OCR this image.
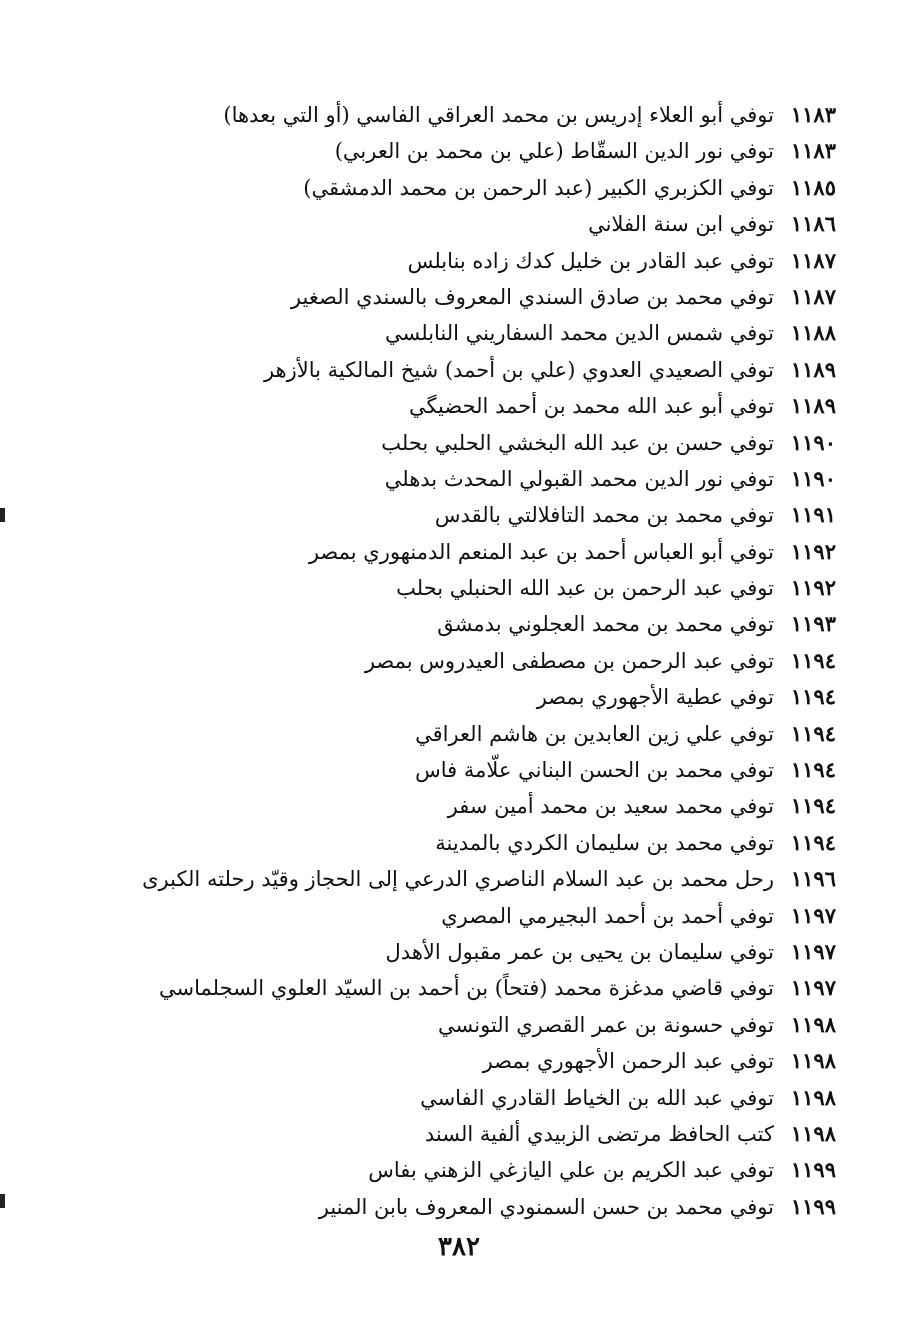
١١٨٣
توفي أبو العلاء إدريس بن محمد العراقي الفاسي (أو التي بعدها)
١١٨٣
توفي نور الدين السقّاط (علي بن محمد بن العربي)
١١٨٥
توفي الكزبري الكبير (عبد الرحمن بن محمد الدمشقي)
١١٨٦
توفي ابن سنة الفلاني
١١٨٧
توفي عبد القادر بن خليل كدك زاده بنابلس
١١٨٧
توفي محمد بن صادق السندي المعروف بالسندي الصغير
١١٨٨
توفي شمس الدين محمد السفاريني النابلسي
١١٨٩
توفي الصعيدي العدوي (علي بن أحمد) شيخ المالكية بالأزهر
١١٨٩
توفي أبو عبد الله محمد بن أحمد الحضيگي
١١٩٠
توفي حسن بن عبد الله البخشي الحلبي بحلب
١١٩٠
توفي نور الدين محمد القبولي المحدث بدهلي
١١٩١
توفي محمد بن محمد التافلالتي بالقدس
١١٩٢
توفي أبو العباس أحمد بن عبد المنعم الدمنهوري بمصر
١١٩٢
توفي عبد الرحمن بن عبد الله الحنبلي بحلب
١١٩٣
توفي محمد بن محمد العجلوني بدمشق
١١٩٤
توفي عبد الرحمن بن مصطفى العيدروس بمصر
١١٩٤
توفي عطية الأجهوري بمصر
١١٩٤
توفي علي زين العابدين بن هاشم العراقي
١١٩٤
توفي محمد بن الحسن البناني علّامة فاس
١١٩٤
توفي محمد سعيد بن محمد أمين سفر
١١٩٤
توفي محمد بن سليمان الكردي بالمدينة
١١٩٦
رحل محمد بن عبد السلام الناصري الدرعي إلى الحجاز وقيّد رحلته الكبرى
١١٩٧
توفي أحمد بن أحمد البجيرمي المصري
١١٩٧
توفي سليمان بن يحيى بن عمر مقبول الأهدل
١١٩٧
توفي قاضي مدغزة محمد (فتحاً) بن أحمد بن السيّد العلوي السجلماسي
١١٩٨
توفي حسونة بن عمر القصري التونسي
١١٩٨
توفي عبد الرحمن الأجهوري بمصر
١١٩٨
توفي عبد الله بن الخياط القادري الفاسي
١١٩٨
كتب الحافظ مرتضى الزبيدي ألفية السند
١١٩٩
توفي عبد الكريم بن علي اليازغي الزهني بفاس
١١٩٩
توفي محمد بن حسن السمنودي المعروف بابن المنير
٣٨٢
